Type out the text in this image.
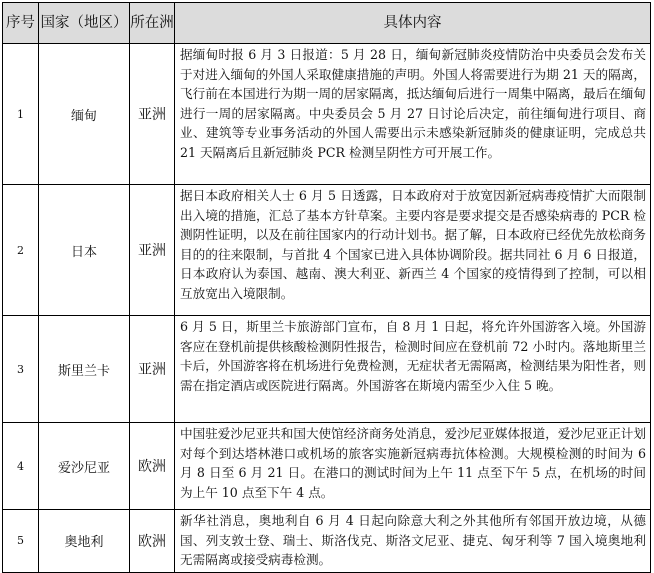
序号	国家（地区）	所在洲	具体内容
1	缅甸	亚洲	据缅甸时报 6 月 3 日报道：5 月 28 日，缅甸新冠肺炎疫情防治中央委员会发布关于对进入缅甸的外国人采取健康措施的声明。外国人将需要进行为期 21 天的隔离，飞行前在本国进行为期一周的居家隔离，抵达缅甸后进行一周集中隔离，最后在缅甸进行一周的居家隔离。中央委员会 5 月 27 日讨论后决定，前往缅甸进行项目、商业、建筑等专业事务活动的外国人需要出示未感染新冠肺炎的健康证明，完成总共 21 天隔离后且新冠肺炎 PCR 检测呈阴性方可开展工作。
2	日本	亚洲	据日本政府相关人士 6 月 5 日透露，日本政府对于放宽因新冠病毒疫情扩大而限制出入境的措施，汇总了基本方针草案。主要内容是要求提交是否感染病毒的 PCR 检测阴性证明，以及在前往国家内的行动计划书。据了解，日本政府已经优先放松商务目的的往来限制，与首批 4 个国家已进入具体协调阶段。据共同社 6 月 6 日报道，日本政府认为泰国、越南、澳大利亚、新西兰 4 个国家的疫情得到了控制，可以相互放宽出入境限制。
3	斯里兰卡	亚洲	6 月 5 日，斯里兰卡旅游部门宣布，自 8 月 1 日起，将允许外国游客入境。外国游客应在登机前提供核酸检测阴性报告，检测时间应在登机前 72 小时内。落地斯里兰卡后，外国游客将在机场进行免费检测，无症状者无需隔离，检测结果为阳性者，则需在指定酒店或医院进行隔离。外国游客在斯境内需至少入住 5 晚。
4	爱沙尼亚	欧洲	中国驻爱沙尼亚共和国大使馆经济商务处消息，爱沙尼亚媒体报道，爱沙尼亚正计划对每个到达塔林港口或机场的旅客实施新冠病毒抗体检测。大规模检测的时间为 6 月 8 日至 6 月 21 日。在港口的测试时间为上午 11 点至下午 5 点，在机场的时间为上午 10 点至下午 4 点。
5	奥地利	欧洲	新华社消息，奥地利自 6 月 4 日起向除意大利之外其他所有邻国开放边境，从德国、列支敦士登、瑞士、斯洛伐克、斯洛文尼亚、捷克、匈牙利等 7 国入境奥地利无需隔离或接受病毒检测。
